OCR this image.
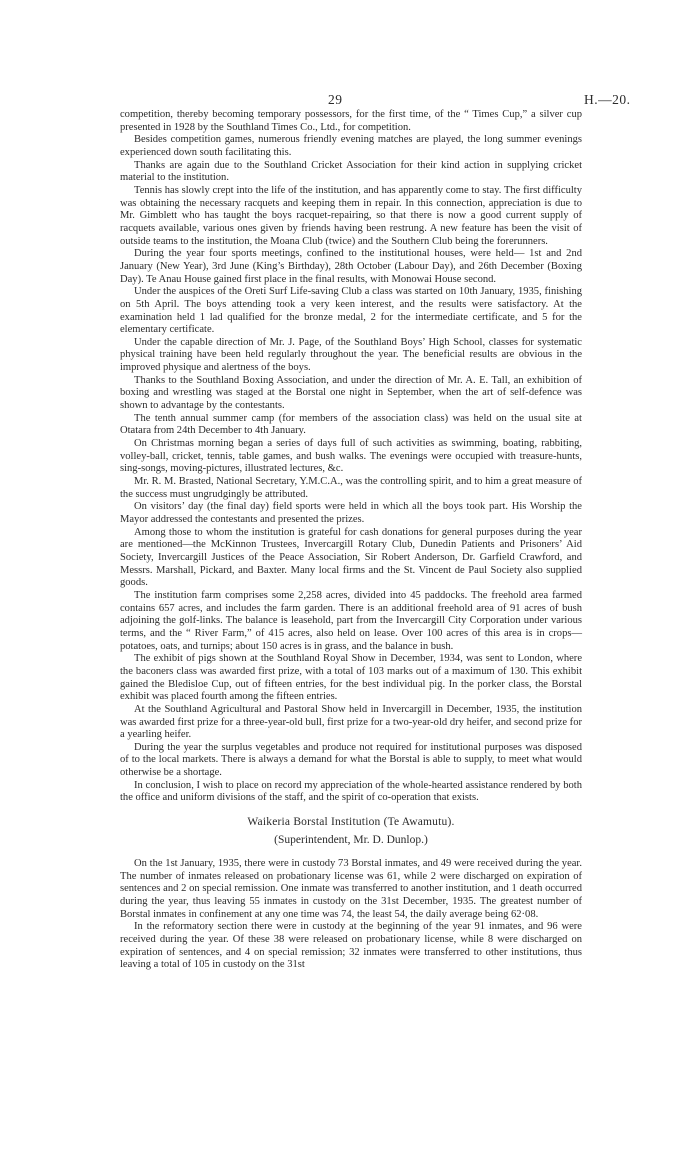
29	H.—20.

competition, thereby becoming temporary possessors, for the first time, of the “ Times Cup,” a silver cup presented in 1928 by the Southland Times Co., Ltd., for competition.

Besides competition games, numerous friendly evening matches are played, the long summer evenings experienced down south facilitating this.

Thanks are again due to the Southland Cricket Association for their kind action in supplying cricket material to the institution.

Tennis has slowly crept into the life of the institution, and has apparently come to stay. The first difficulty was obtaining the necessary racquets and keeping them in repair. In this connection, appreciation is due to Mr. Gimblett who has taught the boys racquet-repairing, so that there is now a good current supply of racquets available, various ones given by friends having been restrung. A new feature has been the visit of outside teams to the institution, the Moana Club (twice) and the Southern Club being the forerunners.

During the year four sports meetings, confined to the institutional houses, were held— 1st and 2nd January (New Year), 3rd June (King’s Birthday), 28th October (Labour Day), and 26th December (Boxing Day). Te Anau House gained first place in the final results, with Monowai House second.

Under the auspices of the Oreti Surf Life-saving Club a class was started on 10th January, 1935, finishing on 5th April. The boys attending took a very keen interest, and the results were satisfactory. At the examination held 1 lad qualified for the bronze medal, 2 for the intermediate certificate, and 5 for the elementary certificate.

Under the capable direction of Mr. J. Page, of the Southland Boys’ High School, classes for systematic physical training have been held regularly throughout the year. The beneficial results are obvious in the improved physique and alertness of the boys.

Thanks to the Southland Boxing Association, and under the direction of Mr. A. E. Tall, an exhibition of boxing and wrestling was staged at the Borstal one night in September, when the art of self-defence was shown to advantage by the contestants.

The tenth annual summer camp (for members of the association class) was held on the usual site at Otatara from 24th December to 4th January.

On Christmas morning began a series of days full of such activities as swimming, boating, rabbiting, volley-ball, cricket, tennis, table games, and bush walks. The evenings were occupied with treasure-hunts, sing-songs, moving-pictures, illustrated lectures, &c.

Mr. R. M. Brasted, National Secretary, Y.M.C.A., was the controlling spirit, and to him a great measure of the success must ungrudgingly be attributed.

On visitors’ day (the final day) field sports were held in which all the boys took part. His Worship the Mayor addressed the contestants and presented the prizes.

Among those to whom the institution is grateful for cash donations for general purposes during the year are mentioned—the McKinnon Trustees, Invercargill Rotary Club, Dunedin Patients and Prisoners’ Aid Society, Invercargill Justices of the Peace Association, Sir Robert Anderson, Dr. Garfield Crawford, and Messrs. Marshall, Pickard, and Baxter. Many local firms and the St. Vincent de Paul Society also supplied goods.

The institution farm comprises some 2,258 acres, divided into 45 paddocks. The freehold area farmed contains 657 acres, and includes the farm garden. There is an additional freehold area of 91 acres of bush adjoining the golf-links. The balance is leasehold, part from the Invercargill City Corporation under various terms, and the “ River Farm,” of 415 acres, also held on lease. Over 100 acres of this area is in crops— potatoes, oats, and turnips; about 150 acres is in grass, and the balance in bush.

The exhibit of pigs shown at the Southland Royal Show in December, 1934, was sent to London, where the baconers class was awarded first prize, with a total of 103 marks out of a maximum of 130. This exhibit gained the Bledisloe Cup, out of fifteen entries, for the best individual pig. In the porker class, the Borstal exhibit was placed fourth among the fifteen entries.

At the Southland Agricultural and Pastoral Show held in Invercargill in December, 1935, the institution was awarded first prize for a three-year-old bull, first prize for a two-year-old dry heifer, and second prize for a yearling heifer.

During the year the surplus vegetables and produce not required for institutional purposes was disposed of to the local markets. There is always a demand for what the Borstal is able to supply, to meet what would otherwise be a shortage.

In conclusion, I wish to place on record my appreciation of the whole-hearted assistance rendered by both the office and uniform divisions of the staff, and the spirit of co-operation that exists.

Waikeria Borstal Institution (Te Awamutu).
(Superintendent, Mr. D. Dunlop.)

On the 1st January, 1935, there were in custody 73 Borstal inmates, and 49 were received during the year. The number of inmates released on probationary license was 61, while 2 were discharged on expiration of sentences and 2 on special remission. One inmate was transferred to another institution, and 1 death occurred during the year, thus leaving 55 inmates in custody on the 31st December, 1935. The greatest number of Borstal inmates in confinement at any one time was 74, the least 54, the daily average being 62·08.

In the reformatory section there were in custody at the beginning of the year 91 inmates, and 96 were received during the year. Of these 38 were released on probationary license, while 8 were discharged on expiration of sentences, and 4 on special remission; 32 inmates were transferred to other institutions, thus leaving a total of 105 in custody on the 31st
